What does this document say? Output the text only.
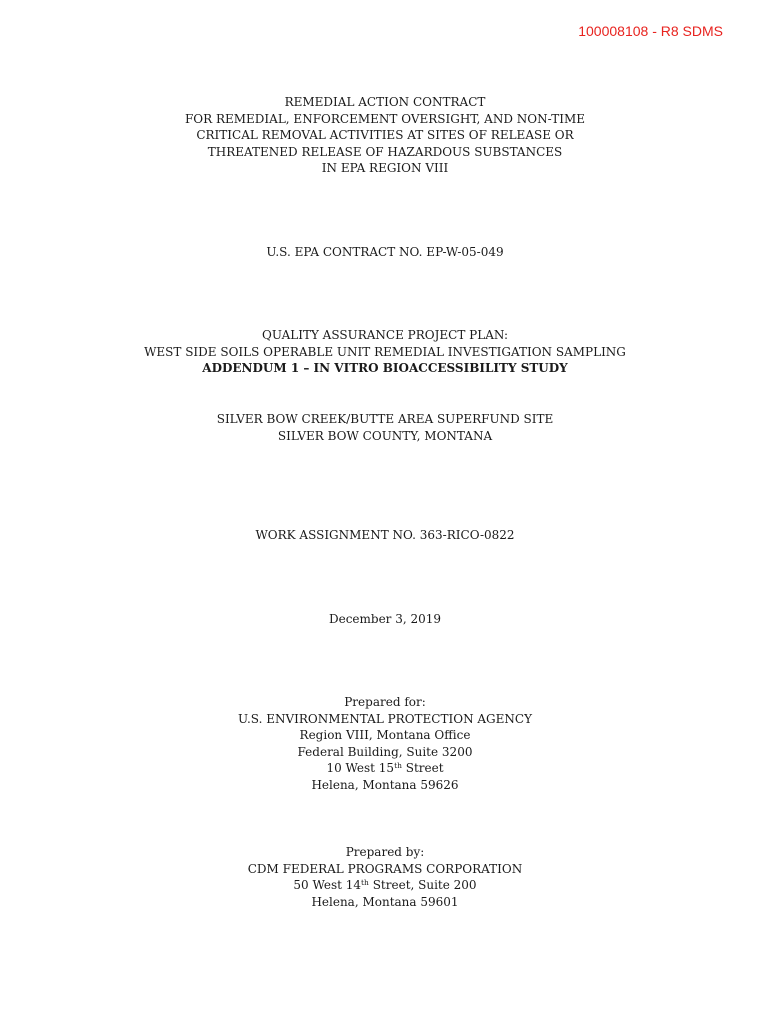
100008108 - R8 SDMS
REMEDIAL ACTION CONTRACT
FOR REMEDIAL, ENFORCEMENT OVERSIGHT, AND NON-TIME
CRITICAL REMOVAL ACTIVITIES AT SITES OF RELEASE OR
THREATENED RELEASE OF HAZARDOUS SUBSTANCES
IN EPA REGION VIII
U.S. EPA CONTRACT NO. EP-W-05-049
QUALITY ASSURANCE PROJECT PLAN:
WEST SIDE SOILS OPERABLE UNIT REMEDIAL INVESTIGATION SAMPLING
ADDENDUM 1 – IN VITRO BIOACCESSIBILITY STUDY
SILVER BOW CREEK/BUTTE AREA SUPERFUND SITE
SILVER BOW COUNTY, MONTANA
WORK ASSIGNMENT NO. 363-RICO-0822
December 3, 2019
Prepared for:
U.S. ENVIRONMENTAL PROTECTION AGENCY
Region VIII, Montana Office
Federal Building, Suite 3200
10 West 15th Street
Helena, Montana 59626
Prepared by:
CDM FEDERAL PROGRAMS CORPORATION
50 West 14th Street, Suite 200
Helena, Montana 59601
